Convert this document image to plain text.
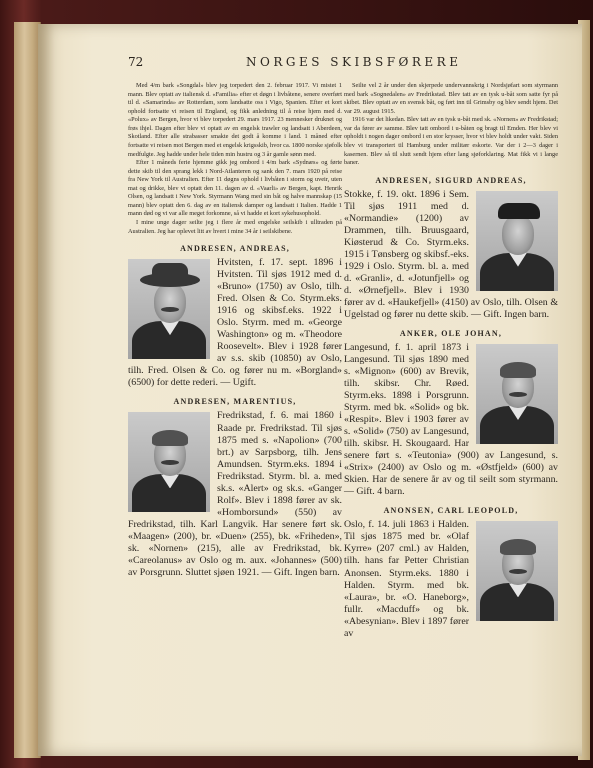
72	NORGES SKIBSFØRERE

Med 4/m bark «Songdal» blev jeg torpedert den 2. februar 1917. Vi mistet 1 mann. Blev optatt av italiensk d. «Familia» efter et døgn i livbåtene, senere overført til d. «Samarinda» av Rotterdam, som landsatte oss i Vigo, Spanien. Efter et kort ophold fortsatte vi reisen til England, og fikk anledning til å reise hjem med d. «Polux» av Bergen, hvor vi blev torpedert 29. mars 1917. 23 mennesker druknet og frøs ihjel. Dagen efter blev vi optatt av en engelsk trawler og landsatt i Aberdeen, Skotland. Efter alle strabasser smakte det godt å komme i land. 1 måned efter fortsatte vi reisen mot Bergen med et engelsk krigsskib, hvor ca. 1800 norske sjøfolk medfulgte. Jeg hadde under hele tiden min hustru og 3 år gamle sønn med.

Efter 1 måneds ferie hjemme gikk jeg ombord i 4/m bark «Sydnæs» og førte dette skib til den sprang lekk i Nord-Atlanteren og sank den 7. mars 1920 på reise fra New York til Australien. Efter 11 døgns ophold i livbåten i storm og uveir, uten mat og drikke, blev vi optatt den 11. dagen av d. «Vaarli» av Bergen, kapt. Henrik Olsen, og landsatt i New York. Styrmann Wang med sin båt og halve mannskap (15 mann) blev optatt den 6. dag av en italiensk damper og landsatt i Italien. Hadde 1 mann død og vi var alle meget forkomne, så vi hadde et kort sykehusophold.

I mine unge dager seilte jeg i flere år med engelske seilskib i ulltraden på Australien. Jeg har oplevet litt av hvert i mine 34 år i seilskibene.

ANDRESEN, ANDREAS,
Hvitsten, f. 17. sept. 1896 i Hvitsten. Til sjøs 1912 med d. «Bruno» (1750) av Oslo, tilh. Fred. Olsen & Co. Styrm.eks. 1916 og skibsf.eks. 1922 i Oslo. Styrm. med m. «George Washington» og m. «Theodore Roosevelt». Blev i 1928 fører av s.s. skib (10850) av Oslo, tilh. Fred. Olsen & Co. og fører nu m. «Borgland» (6500) for dette rederi. — Ugift.
ANDRESEN, MARENTIUS,
Fredrikstad, f. 6. mai 1860 i Raade pr. Fredrikstad. Til sjøs 1875 med s. «Napolion» (700 brt.) av Sarpsborg, tilh. Jens Amundsen. Styrm.eks. 1894 i Fredrikstad. Styrm. bl. a. med sk.s. «Alert» og sk.s. «Ganger Rolf». Blev i 1898 fører av sk. «Homborsund» (550) av Fredrikstad, tilh. Karl Langvik. Har senere ført sk. «Maagen» (200), br. «Duen» (255), bk. «Friheden», sk. «Nornen» (215), alle av Fredrikstad, bk. «Careolanus» av Oslo og m. aux. «Johannes» (500) av Porsgrunn. Sluttet sjøen 1921. — Gift. Ingen barn.

Seilte vel 2 år under den skjerpede undervannskrig i Nordsjøfart som styrmann med bark «Sognedalen» av Fredrikstad. Blev tatt av en tysk u-båt som satte fyr på skibet. Blev optatt av en svensk båt, og ført inn til Grimsby og blev sendt hjem. Det var 29. august 1915.

1916 var det likedan. Blev tatt av en tysk u-båt med sk. «Nornen» av Fredrikstad; var da fører av samme. Blev tatt ombord i u-båten og bragt til Emden. Her blev vi opholdt i nogen dager ombord i en stor krysser, hvor vi blev holdt under vakt. Siden blev vi transportert til Hamburg under militær eskorte. Var der i 2—3 dager i kasernen. Blev så til slutt sendt hjem efter lang sjøforklaring. Mat fikk vi i lange baner.

ANDRESEN, SIGURD ANDREAS,
Stokke, f. 19. okt. 1896 i Sem. Til sjøs 1911 med d. «Normandie» (1200) av Drammen, tilh. Bruusgaard, Kiøsterud & Co. Styrm.eks. 1915 i Tønsberg og skibsf.-eks. 1929 i Oslo. Styrm. bl. a. med d. «Granli», d. «Jotunfjell» og d. «Ørnefjell». Blev i 1930 fører av d. «Haukefjell» (4150) av Oslo, tilh. Olsen & Ugelstad og fører nu dette skib. — Gift. Ingen barn.
ANKER, OLE JOHAN,
Langesund, f. 1. april 1873 i Langesund. Til sjøs 1890 med s. «Mignon» (600) av Brevik, tilh. skibsr. Chr. Røed. Styrm.eks. 1898 i Porsgrunn. Styrm. med bk. «Solid» og bk. «Respit». Blev i 1903 fører av s. «Solid» (750) av Langesund, tilh. skibsr. H. Skougaard. Har senere ført s. «Teutonia» (900) av Langesund, s. «Strix» (2400) av Oslo og m. «Østfjeld» (600) av Skien. Har de senere år av og til seilt som styrmann. — Gift. 4 barn.
ANONSEN, CARL LEOPOLD,
Oslo, f. 14. juli 1863 i Halden. Til sjøs 1875 med br. «Olaf Kyrre» (207 cml.) av Halden, tilh. hans far Petter Christian Anonsen. Styrm.eks. 1880 i Halden. Styrm. med bk. «Laura», br. «O. Haneborg», fullr. «Macduff» og bk. «Abesynian». Blev i 1897 fører av
